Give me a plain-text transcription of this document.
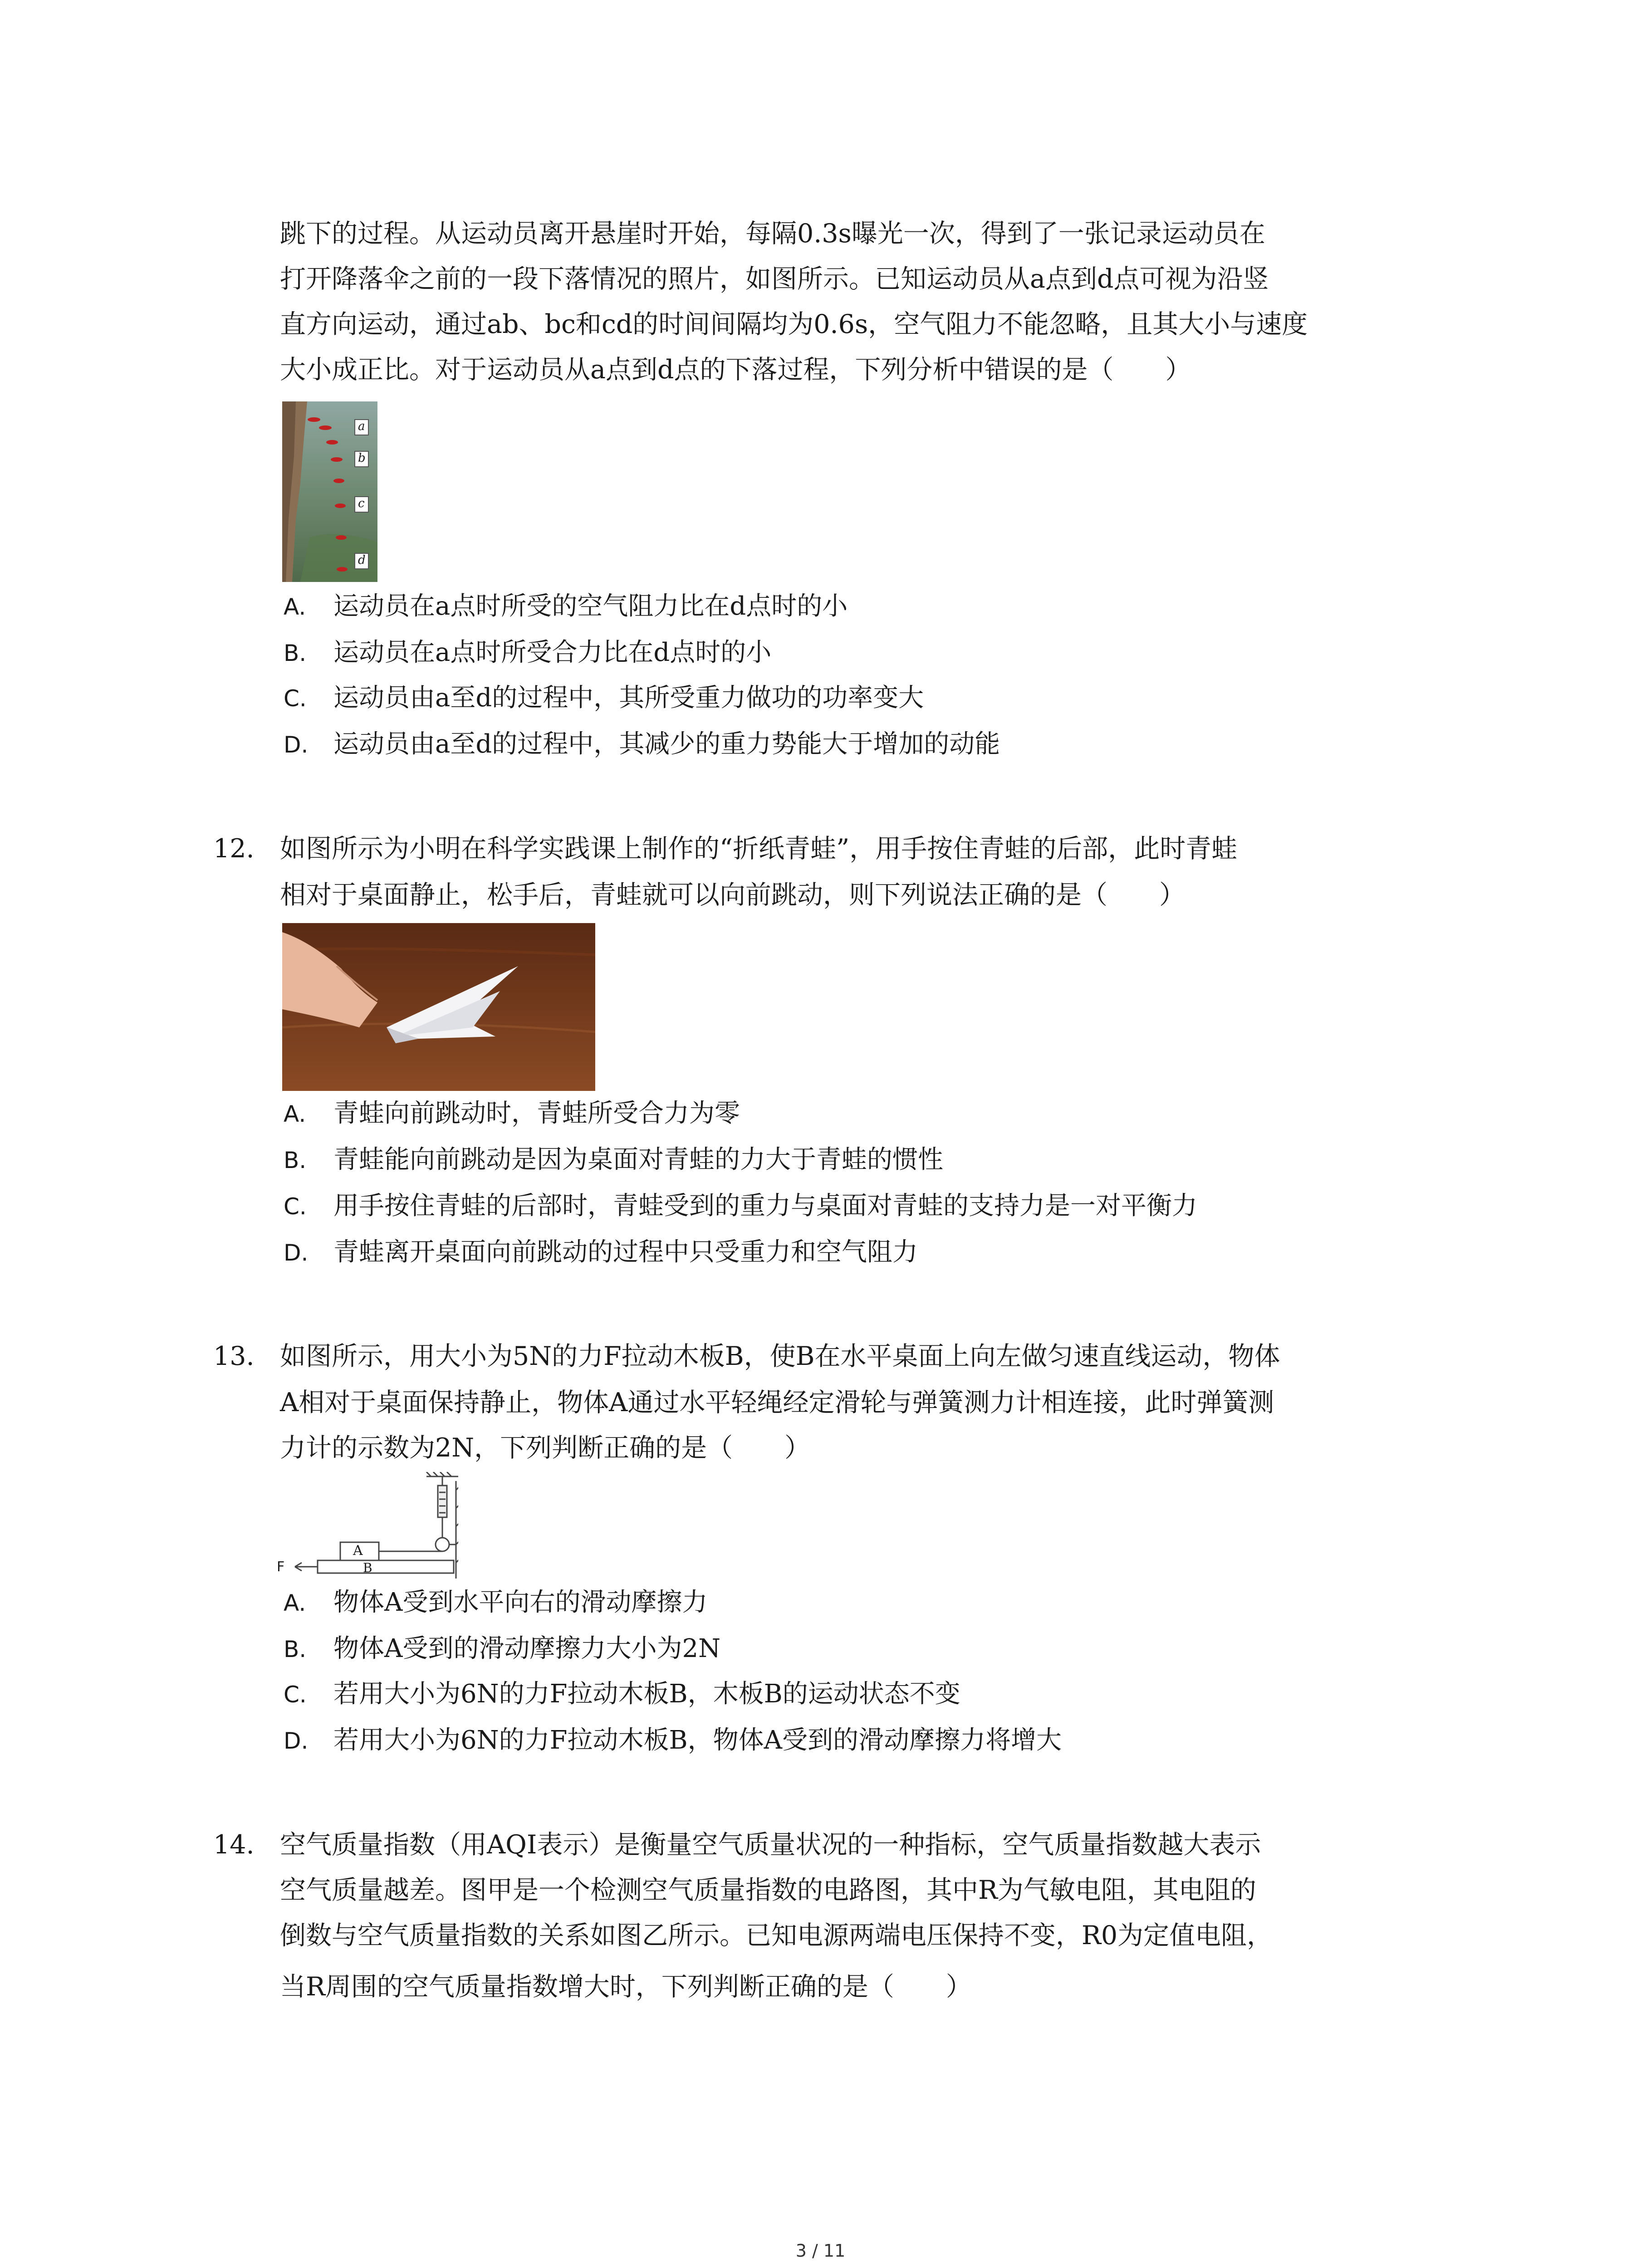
跳下的过程。从运动员离开悬崖时开始，每隔0.3s曝光一次，得到了一张记录运动员在
打开降落伞之前的一段下落情况的照片，如图所示。已知运动员从a点到d点可视为沿竖
直方向运动，通过ab、bc和cd的时间间隔均为0.6s，空气阻力不能忽略，且其大小与速度
大小成正比。对于运动员从a点到d点的下落过程，下列分析中错误的是（　　）
a
b
c
d
A. 运动员在a点时所受的空气阻力比在d点时的小
B. 运动员在a点时所受合力比在d点时的小
C. 运动员由a至d的过程中，其所受重力做功的功率变大
D. 运动员由a至d的过程中，其减少的重力势能大于增加的动能
12. 如图所示为小明在科学实践课上制作的“折纸青蛙”，用手按住青蛙的后部，此时青蛙
相对于桌面静止，松手后，青蛙就可以向前跳动，则下列说法正确的是（　　）
A. 青蛙向前跳动时，青蛙所受合力为零
B. 青蛙能向前跳动是因为桌面对青蛙的力大于青蛙的惯性
C. 用手按住青蛙的后部时，青蛙受到的重力与桌面对青蛙的支持力是一对平衡力
D. 青蛙离开桌面向前跳动的过程中只受重力和空气阻力
13. 如图所示，用大小为5N的力F拉动木板B，使B在水平桌面上向左做匀速直线运动，物体
A相对于桌面保持静止，物体A通过水平轻绳经定滑轮与弹簧测力计相连接，此时弹簧测
力计的示数为2N，下列判断正确的是（　　）
A
B
F
A. 物体A受到水平向右的滑动摩擦力
B. 物体A受到的滑动摩擦力大小为2N
C. 若用大小为6N的力F拉动木板B，木板B的运动状态不变
D. 若用大小为6N的力F拉动木板B，物体A受到的滑动摩擦力将增大
14. 空气质量指数（用AQI表示）是衡量空气质量状况的一种指标，空气质量指数越大表示
空气质量越差。图甲是一个检测空气质量指数的电路图，其中R为气敏电阻，其电阻的
倒数与空气质量指数的关系如图乙所示。已知电源两端电压保持不变，R0为定值电阻，
当R周围的空气质量指数增大时，下列判断正确的是（　　）
3 / 11
